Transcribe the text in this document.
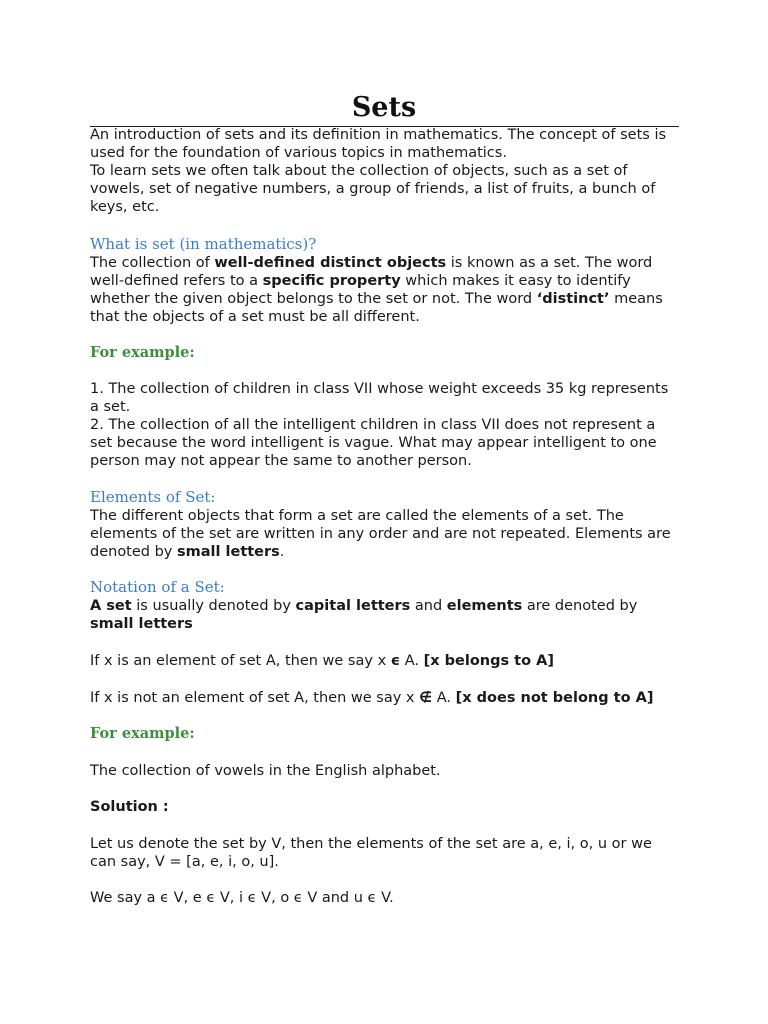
Sets
An introduction of sets and its definition in mathematics. The concept of sets is
used for the foundation of various topics in mathematics.
To learn sets we often talk about the collection of objects, such as a set of
vowels, set of negative numbers, a group of friends, a list of fruits, a bunch of
keys, etc.
What is set (in mathematics)?
The collection of well-defined distinct objects is known as a set. The word
well-defined refers to a specific property which makes it easy to identify
whether the given object belongs to the set or not. The word ‘distinct’ means
that the objects of a set must be all different.
For example:
1. The collection of children in class VII whose weight exceeds 35 kg represents
a set.
2. The collection of all the intelligent children in class VII does not represent a
set because the word intelligent is vague. What may appear intelligent to one
person may not appear the same to another person.
Elements of Set:
The different objects that form a set are called the elements of a set. The
elements of the set are written in any order and are not repeated. Elements are
denoted by small letters.
Notation of a Set:
A set is usually denoted by capital letters and elements are denoted by
small letters
If x is an element of set A, then we say x ϵ A. [x belongs to A]
If x is not an element of set A, then we say x ∉ A. [x does not belong to A]
For example:
The collection of vowels in the English alphabet.
Solution :
Let us denote the set by V, then the elements of the set are a, e, i, o, u or we
can say, V = [a, e, i, o, u].
We say a ϵ V, e ϵ V, i ϵ V, o ϵ V and u ϵ V.
